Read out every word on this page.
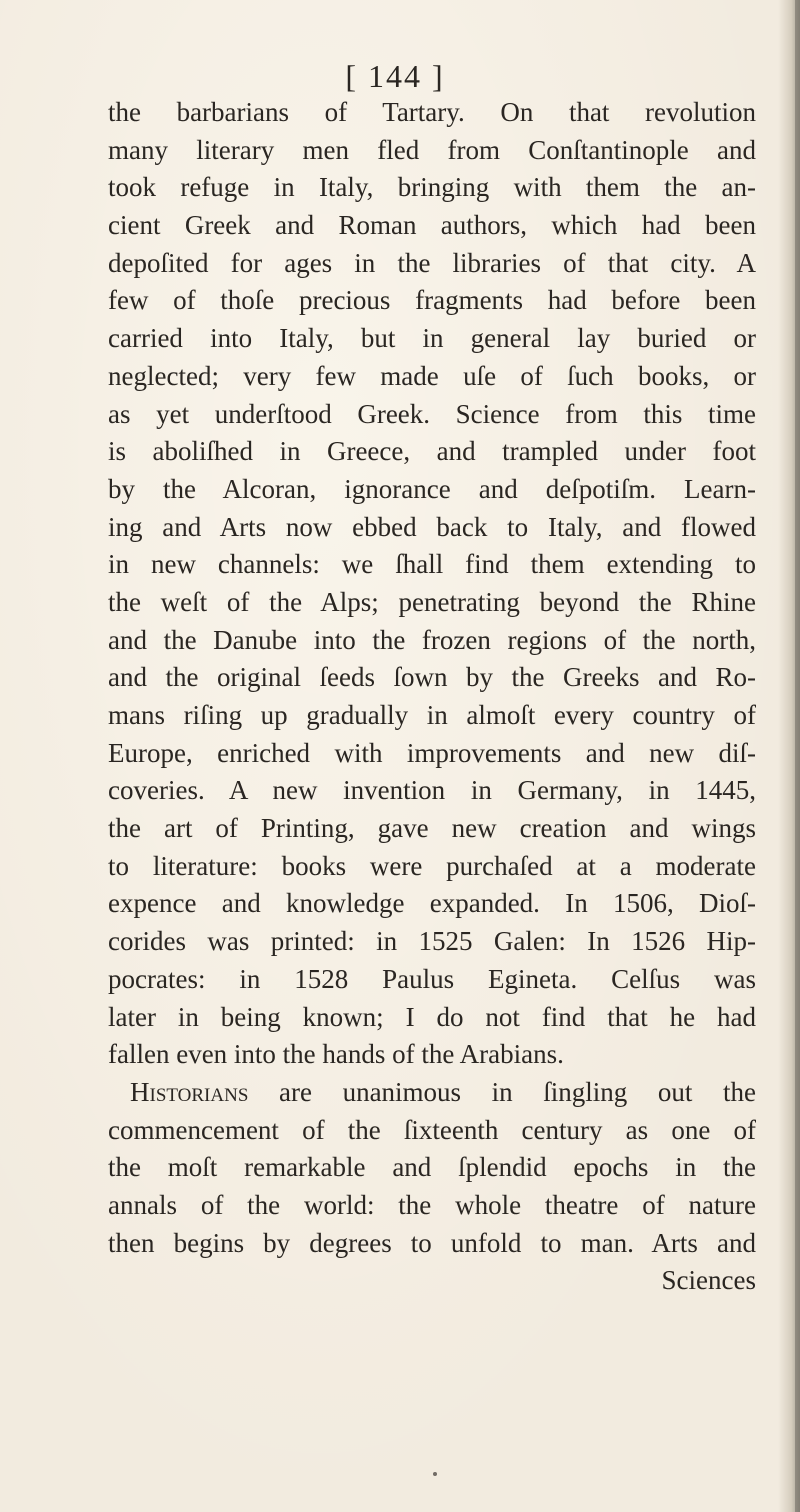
[ 144 ]
the barbarians of Tartary. On that revolution
many literary men fled from Conſtantinople and
took refuge in Italy, bringing with them the an-
cient Greek and Roman authors, which had been
depoſited for ages in the libraries of that city. A
few of thoſe precious fragments had before been
carried into Italy, but in general lay buried or
neglected; very few made uſe of ſuch books, or
as yet underſtood Greek. Science from this time
is aboliſhed in Greece, and trampled under foot
by the Alcoran, ignorance and deſpotiſm. Learn-
ing and Arts now ebbed back to Italy, and flowed
in new channels: we ſhall find them extending to
the weſt of the Alps; penetrating beyond the Rhine
and the Danube into the frozen regions of the north,
and the original ſeeds ſown by the Greeks and Ro-
mans riſing up gradually in almoſt every country of
Europe, enriched with improvements and new diſ-
coveries. A new invention in Germany, in 1445,
the art of Printing, gave new creation and wings
to literature: books were purchaſed at a moderate
expence and knowledge expanded. In 1506, Dioſ-
corides was printed: in 1525 Galen: In 1526 Hip-
pocrates: in 1528 Paulus Egineta. Celſus was
later in being known; I do not find that he had
fallen even into the hands of the Arabians.
Historians are unanimous in ſingling out the
commencement of the ſixteenth century as one of
the moſt remarkable and ſplendid epochs in the
annals of the world: the whole theatre of nature
then begins by degrees to unfold to man. Arts and
Sciences
